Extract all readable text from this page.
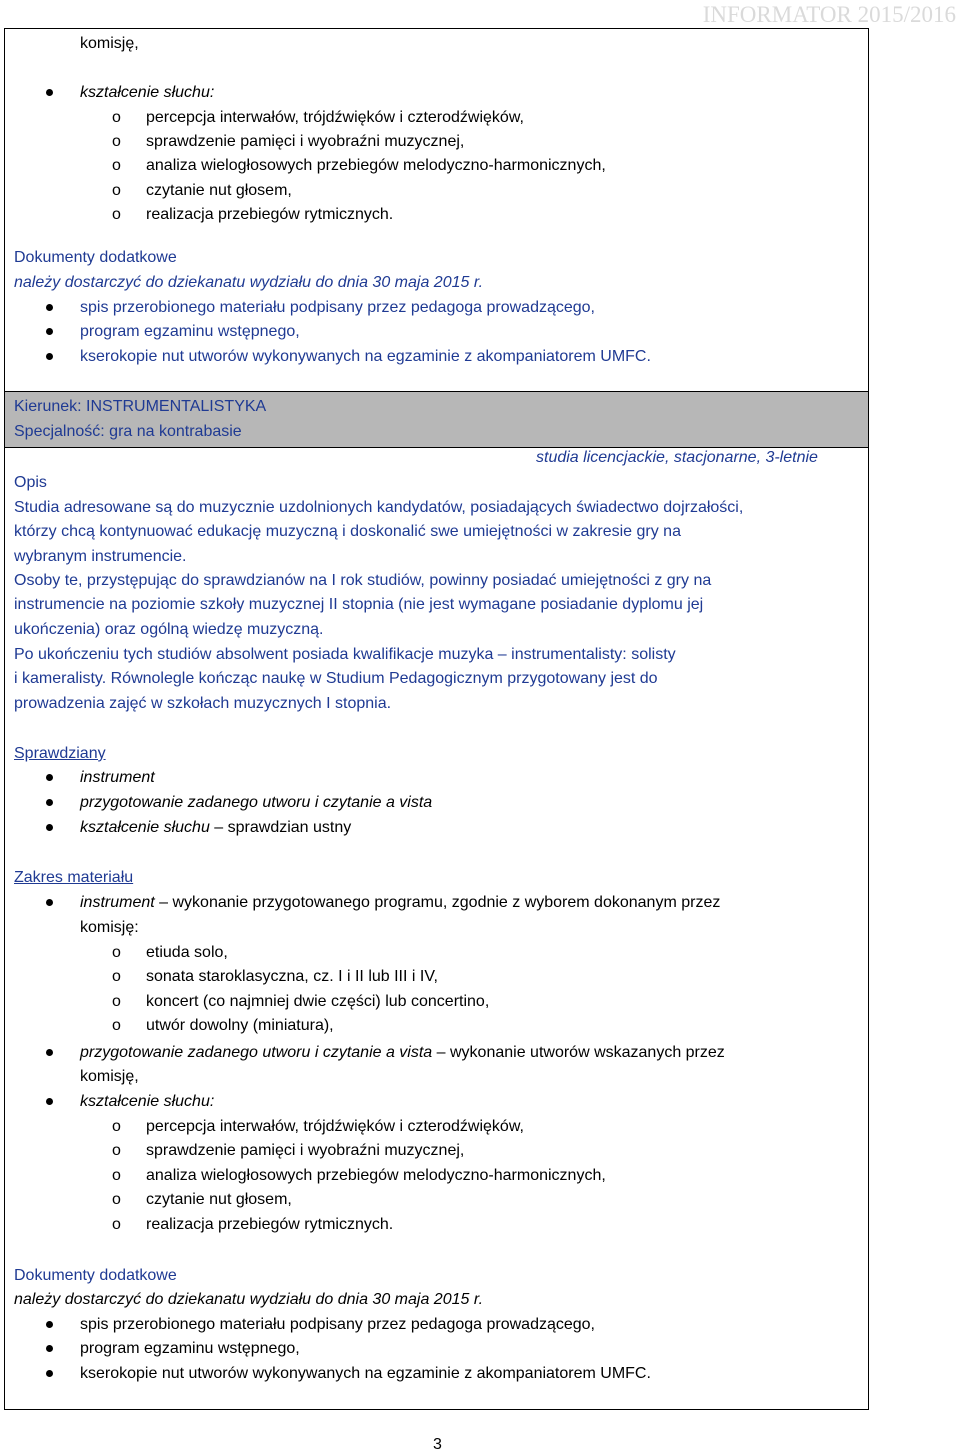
INFORMATOR 2015/2016
komisję,
kształcenie słuchu:
o percepcja interwałów, trójdźwięków i czterodźwięków,
o sprawdzenie pamięci i wyobraźni muzycznej,
o analiza wielogłosowych przebiegów melodyczno-harmonicznych,
o czytanie nut głosem,
o realizacja przebiegów rytmicznych.
Dokumenty dodatkowe
należy dostarczyć do dziekanatu wydziału do dnia 30 maja 2015 r.
spis przerobionego materiału podpisany przez pedagoga prowadzącego,
program egzaminu wstępnego,
kserokopie nut utworów wykonywanych na egzaminie z akompaniatorem UMFC.
Kierunek: INSTRUMENTALISTYKA
Specjalność: gra na kontrabasie
studia licencjackie, stacjonarne, 3-letnie
Opis
Studia adresowane są do muzycznie uzdolnionych kandydatów, posiadających świadectwo dojrzałości,
którzy chcą kontynuować edukację muzyczną i doskonalić swe umiejętności w zakresie gry na
wybranym instrumencie.
Osoby te, przystępując do sprawdzianów na I rok studiów, powinny posiadać umiejętności z gry na
instrumencie na poziomie szkoły muzycznej II stopnia (nie jest wymagane posiadanie dyplomu jej
ukończenia) oraz ogólną wiedzę muzyczną.
Po ukończeniu tych studiów absolwent posiada kwalifikacje muzyka – instrumentalisty: solisty
i kameralisty. Równolegle kończąc naukę w Studium Pedagogicznym przygotowany jest do
prowadzenia zajęć w szkołach muzycznych I stopnia.
Sprawdziany
instrument
przygotowanie zadanego utworu i czytanie a vista
kształcenie słuchu – sprawdzian ustny
Zakres materiału
instrument – wykonanie przygotowanego programu, zgodnie z wyborem dokonanym przez
komisję:
o etiuda solo,
o sonata staroklasyczna, cz. I i II lub III i IV,
o koncert (co najmniej dwie części) lub concertino,
o utwór dowolny (miniatura),
przygotowanie zadanego utworu i czytanie a vista – wykonanie utworów wskazanych przez
komisję,
kształcenie słuchu:
o percepcja interwałów, trójdźwięków i czterodźwięków,
o sprawdzenie pamięci i wyobraźni muzycznej,
o analiza wielogłosowych przebiegów melodyczno-harmonicznych,
o czytanie nut głosem,
o realizacja przebiegów rytmicznych.
Dokumenty dodatkowe
należy dostarczyć do dziekanatu wydziału do dnia 30 maja 2015 r.
spis przerobionego materiału podpisany przez pedagoga prowadzącego,
program egzaminu wstępnego,
kserokopie nut utworów wykonywanych na egzaminie z akompaniatorem UMFC.
3
